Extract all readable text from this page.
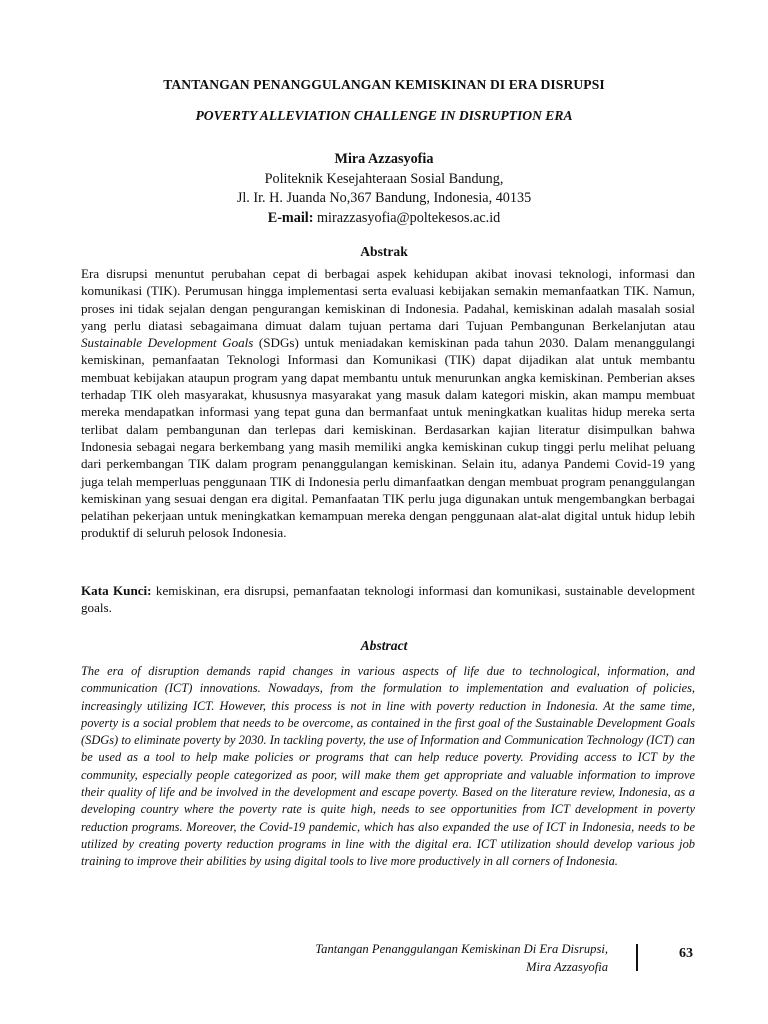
TANTANGAN PENANGGULANGAN KEMISKINAN DI ERA DISRUPSI
POVERTY ALLEVIATION CHALLENGE IN DISRUPTION ERA
Mira Azzasyofia
Politeknik Kesejahteraan Sosial Bandung,
Jl. Ir. H. Juanda No,367 Bandung, Indonesia, 40135
E-mail: mirazzasyofia@poltekesos.ac.id
Abstrak
Era disrupsi menuntut perubahan cepat di berbagai aspek kehidupan akibat inovasi teknologi, informasi dan komunikasi (TIK). Perumusan hingga implementasi serta evaluasi kebijakan semakin memanfaatkan TIK. Namun, proses ini tidak sejalan dengan pengurangan kemiskinan di Indonesia. Padahal, kemiskinan adalah masalah sosial yang perlu diatasi sebagaimana dimuat dalam tujuan pertama dari Tujuan Pembangunan Berkelanjutan atau Sustainable Development Goals (SDGs) untuk meniadakan kemiskinan pada tahun 2030. Dalam menanggulangi kemiskinan, pemanfaatan Teknologi Informasi dan Komunikasi (TIK) dapat dijadikan alat untuk membantu membuat kebijakan ataupun program yang dapat membantu untuk menurunkan angka kemiskinan. Pemberian akses terhadap TIK oleh masyarakat, khususnya masyarakat yang masuk dalam kategori miskin, akan mampu membuat mereka mendapatkan informasi yang tepat guna dan bermanfaat untuk meningkatkan kualitas hidup mereka serta terlibat dalam pembangunan dan terlepas dari kemiskinan. Berdasarkan kajian literatur disimpulkan bahwa Indonesia sebagai negara berkembang yang masih memiliki angka kemiskinan cukup tinggi perlu melihat peluang dari perkembangan TIK dalam program penanggulangan kemiskinan. Selain itu, adanya Pandemi Covid-19 yang juga telah memperluas penggunaan TIK di Indonesia perlu dimanfaatkan dengan membuat program penanggulangan kemiskinan yang sesuai dengan era digital. Pemanfaatan TIK perlu juga digunakan untuk mengembangkan berbagai pelatihan pekerjaan untuk meningkatkan kemampuan mereka dengan penggunaan alat-alat digital untuk hidup lebih produktif di seluruh pelosok Indonesia.
Kata Kunci: kemiskinan, era disrupsi, pemanfaatan teknologi informasi dan komunikasi, sustainable development goals.
Abstract
The era of disruption demands rapid changes in various aspects of life due to technological, information, and communication (ICT) innovations. Nowadays, from the formulation to implementation and evaluation of policies, increasingly utilizing ICT. However, this process is not in line with poverty reduction in Indonesia. At the same time, poverty is a social problem that needs to be overcome, as contained in the first goal of the Sustainable Development Goals (SDGs) to eliminate poverty by 2030. In tackling poverty, the use of Information and Communication Technology (ICT) can be used as a tool to help make policies or programs that can help reduce poverty. Providing access to ICT by the community, especially people categorized as poor, will make them get appropriate and valuable information to improve their quality of life and be involved in the development and escape poverty. Based on the literature review, Indonesia, as a developing country where the poverty rate is quite high, needs to see opportunities from ICT development in poverty reduction programs. Moreover, the Covid-19 pandemic, which has also expanded the use of ICT in Indonesia, needs to be utilized by creating poverty reduction programs in line with the digital era. ICT utilization should develop various job training to improve their abilities by using digital tools to live more productively in all corners of Indonesia.
Tantangan Penanggulangan Kemiskinan Di Era Disrupsi,
Mira Azzasyofia
63
